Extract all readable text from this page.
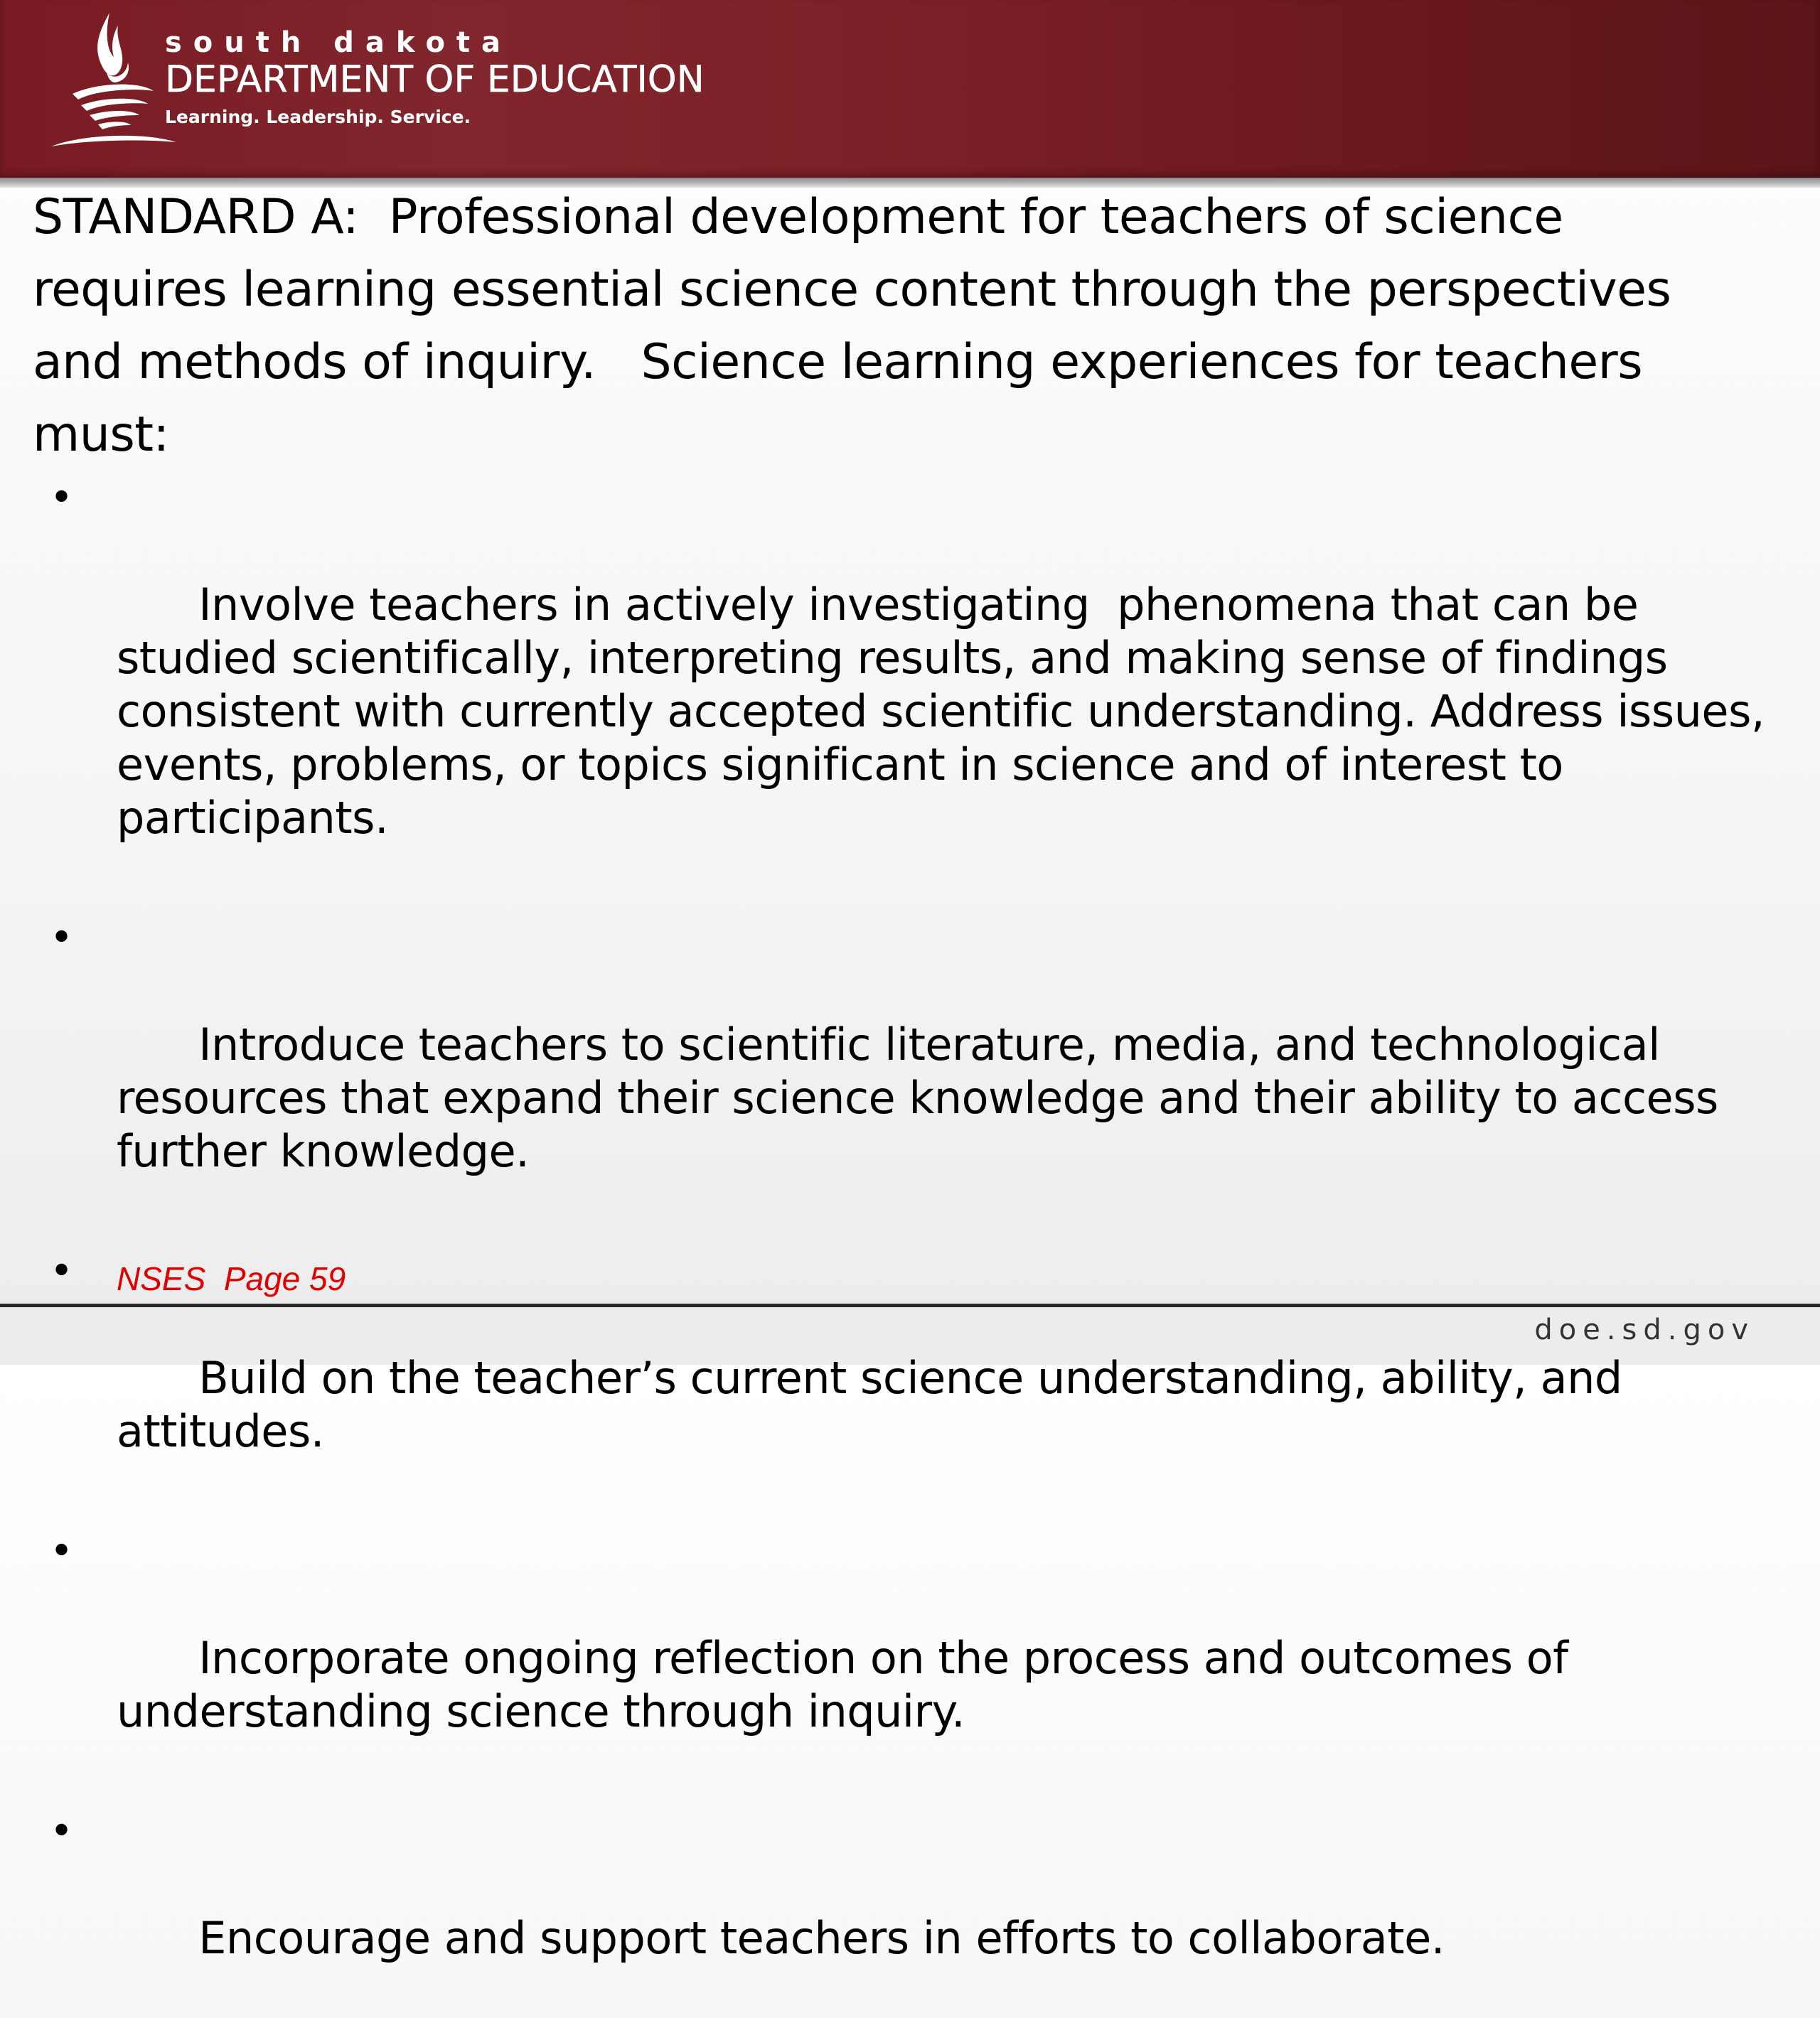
south dakota
DEPARTMENT OF EDUCATION
Learning. Leadership. Service.

STANDARD A:  Professional development for teachers of science requires learning essential science content through the perspectives and methods of inquiry.   Science learning experiences for teachers must:

•

Involve teachers in actively investigating  phenomena that can be studied scientifically, interpreting results, and making sense of findings consistent with currently accepted scientific understanding. Address issues, events, problems, or topics significant in science and of interest to participants.

•

Introduce teachers to scientific literature, media, and technological resources that expand their science knowledge and their ability to access further knowledge.

•

Build on the teacher’s current science understanding, ability, and attitudes.

•

Incorporate ongoing reflection on the process and outcomes of understanding science through inquiry.

•

Encourage and support teachers in efforts to collaborate.

NSES  Page 59
doe.sd.gov
